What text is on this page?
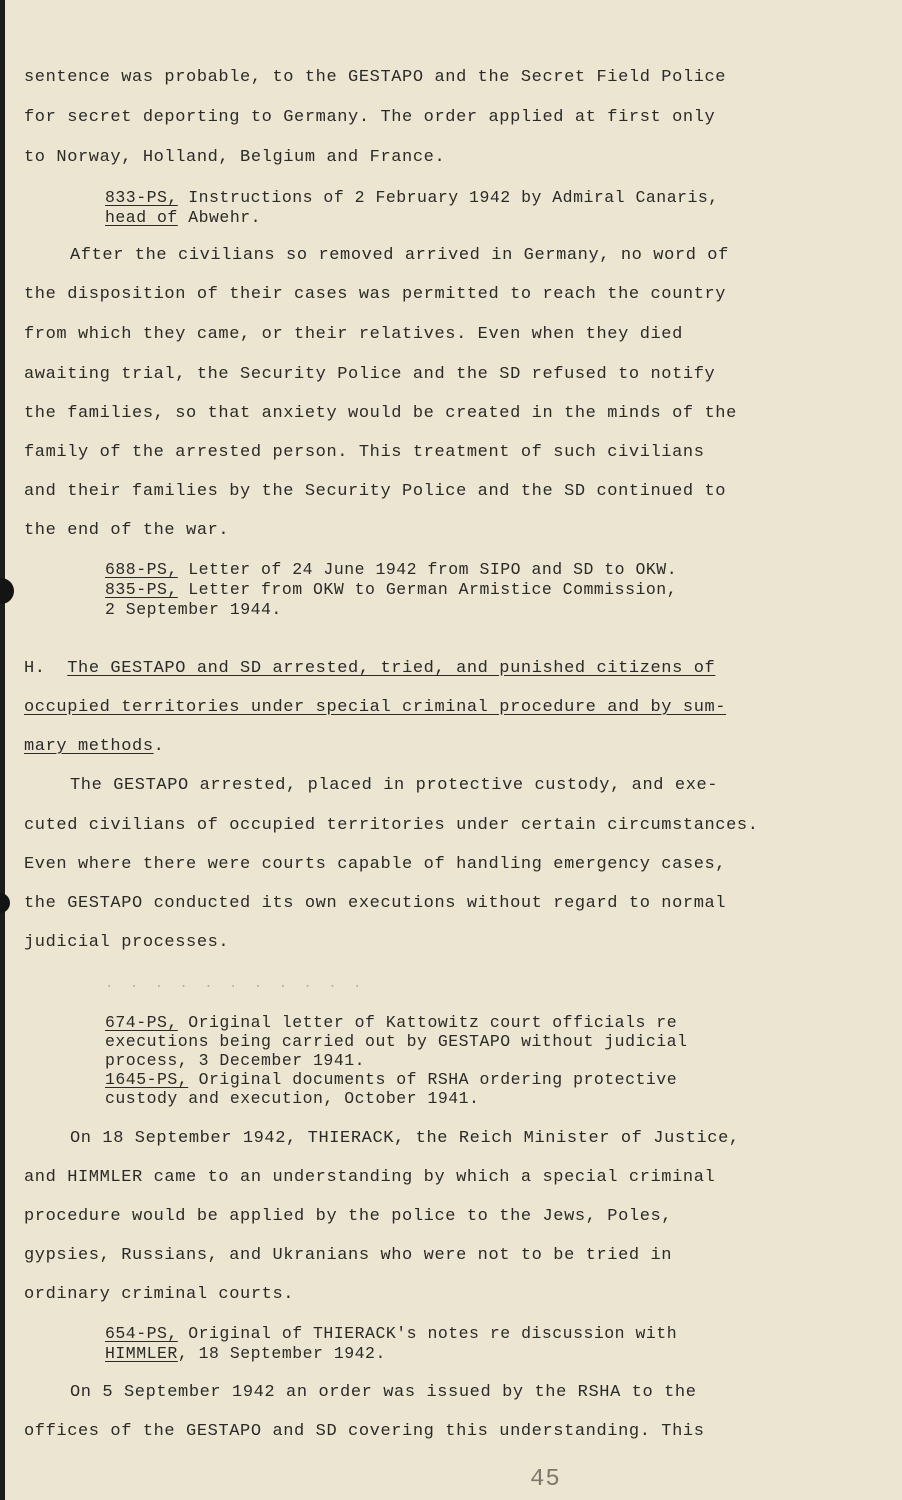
sentence was probable, to the GESTAPO and the Secret Field Police
for secret deporting to Germany. The order applied at first only
to Norway, Holland, Belgium and France.
833-PS, Instructions of 2 February 1942 by Admiral Canaris,
head of Abwehr.
After the civilians so removed arrived in Germany, no word of
the disposition of their cases was permitted to reach the country
from which they came, or their relatives. Even when they died
awaiting trial, the Security Police and the SD refused to notify
the families, so that anxiety would be created in the minds of the
family of the arrested person. This treatment of such civilians
and their families by the Security Police and the SD continued to
the end of the war.
688-PS, Letter of 24 June 1942 from SIPO and SD to OKW.
835-PS, Letter from OKW to German Armistice Commission,
2 September 1944.
H. The GESTAPO and SD arrested, tried, and punished citizens of
occupied territories under special criminal procedure and by sum-
mary methods.
The GESTAPO arrested, placed in protective custody, and exe-
cuted civilians of occupied territories under certain circumstances.
Even where there were courts capable of handling emergency cases,
the GESTAPO conducted its own executions without regard to normal
judicial processes.
. . . . . . . . . . .
674-PS, Original letter of Kattowitz court officials re
executions being carried out by GESTAPO without judicial
process, 3 December 1941.
1645-PS, Original documents of RSHA ordering protective
custody and execution, October 1941.
On 18 September 1942, THIERACK, the Reich Minister of Justice,
and HIMMLER came to an understanding by which a special criminal
procedure would be applied by the police to the Jews, Poles,
gypsies, Russians, and Ukranians who were not to be tried in
ordinary criminal courts.
654-PS, Original of THIERACK's notes re discussion with
HIMMLER, 18 September 1942.
On 5 September 1942 an order was issued by the RSHA to the
offices of the GESTAPO and SD covering this understanding. This
45
